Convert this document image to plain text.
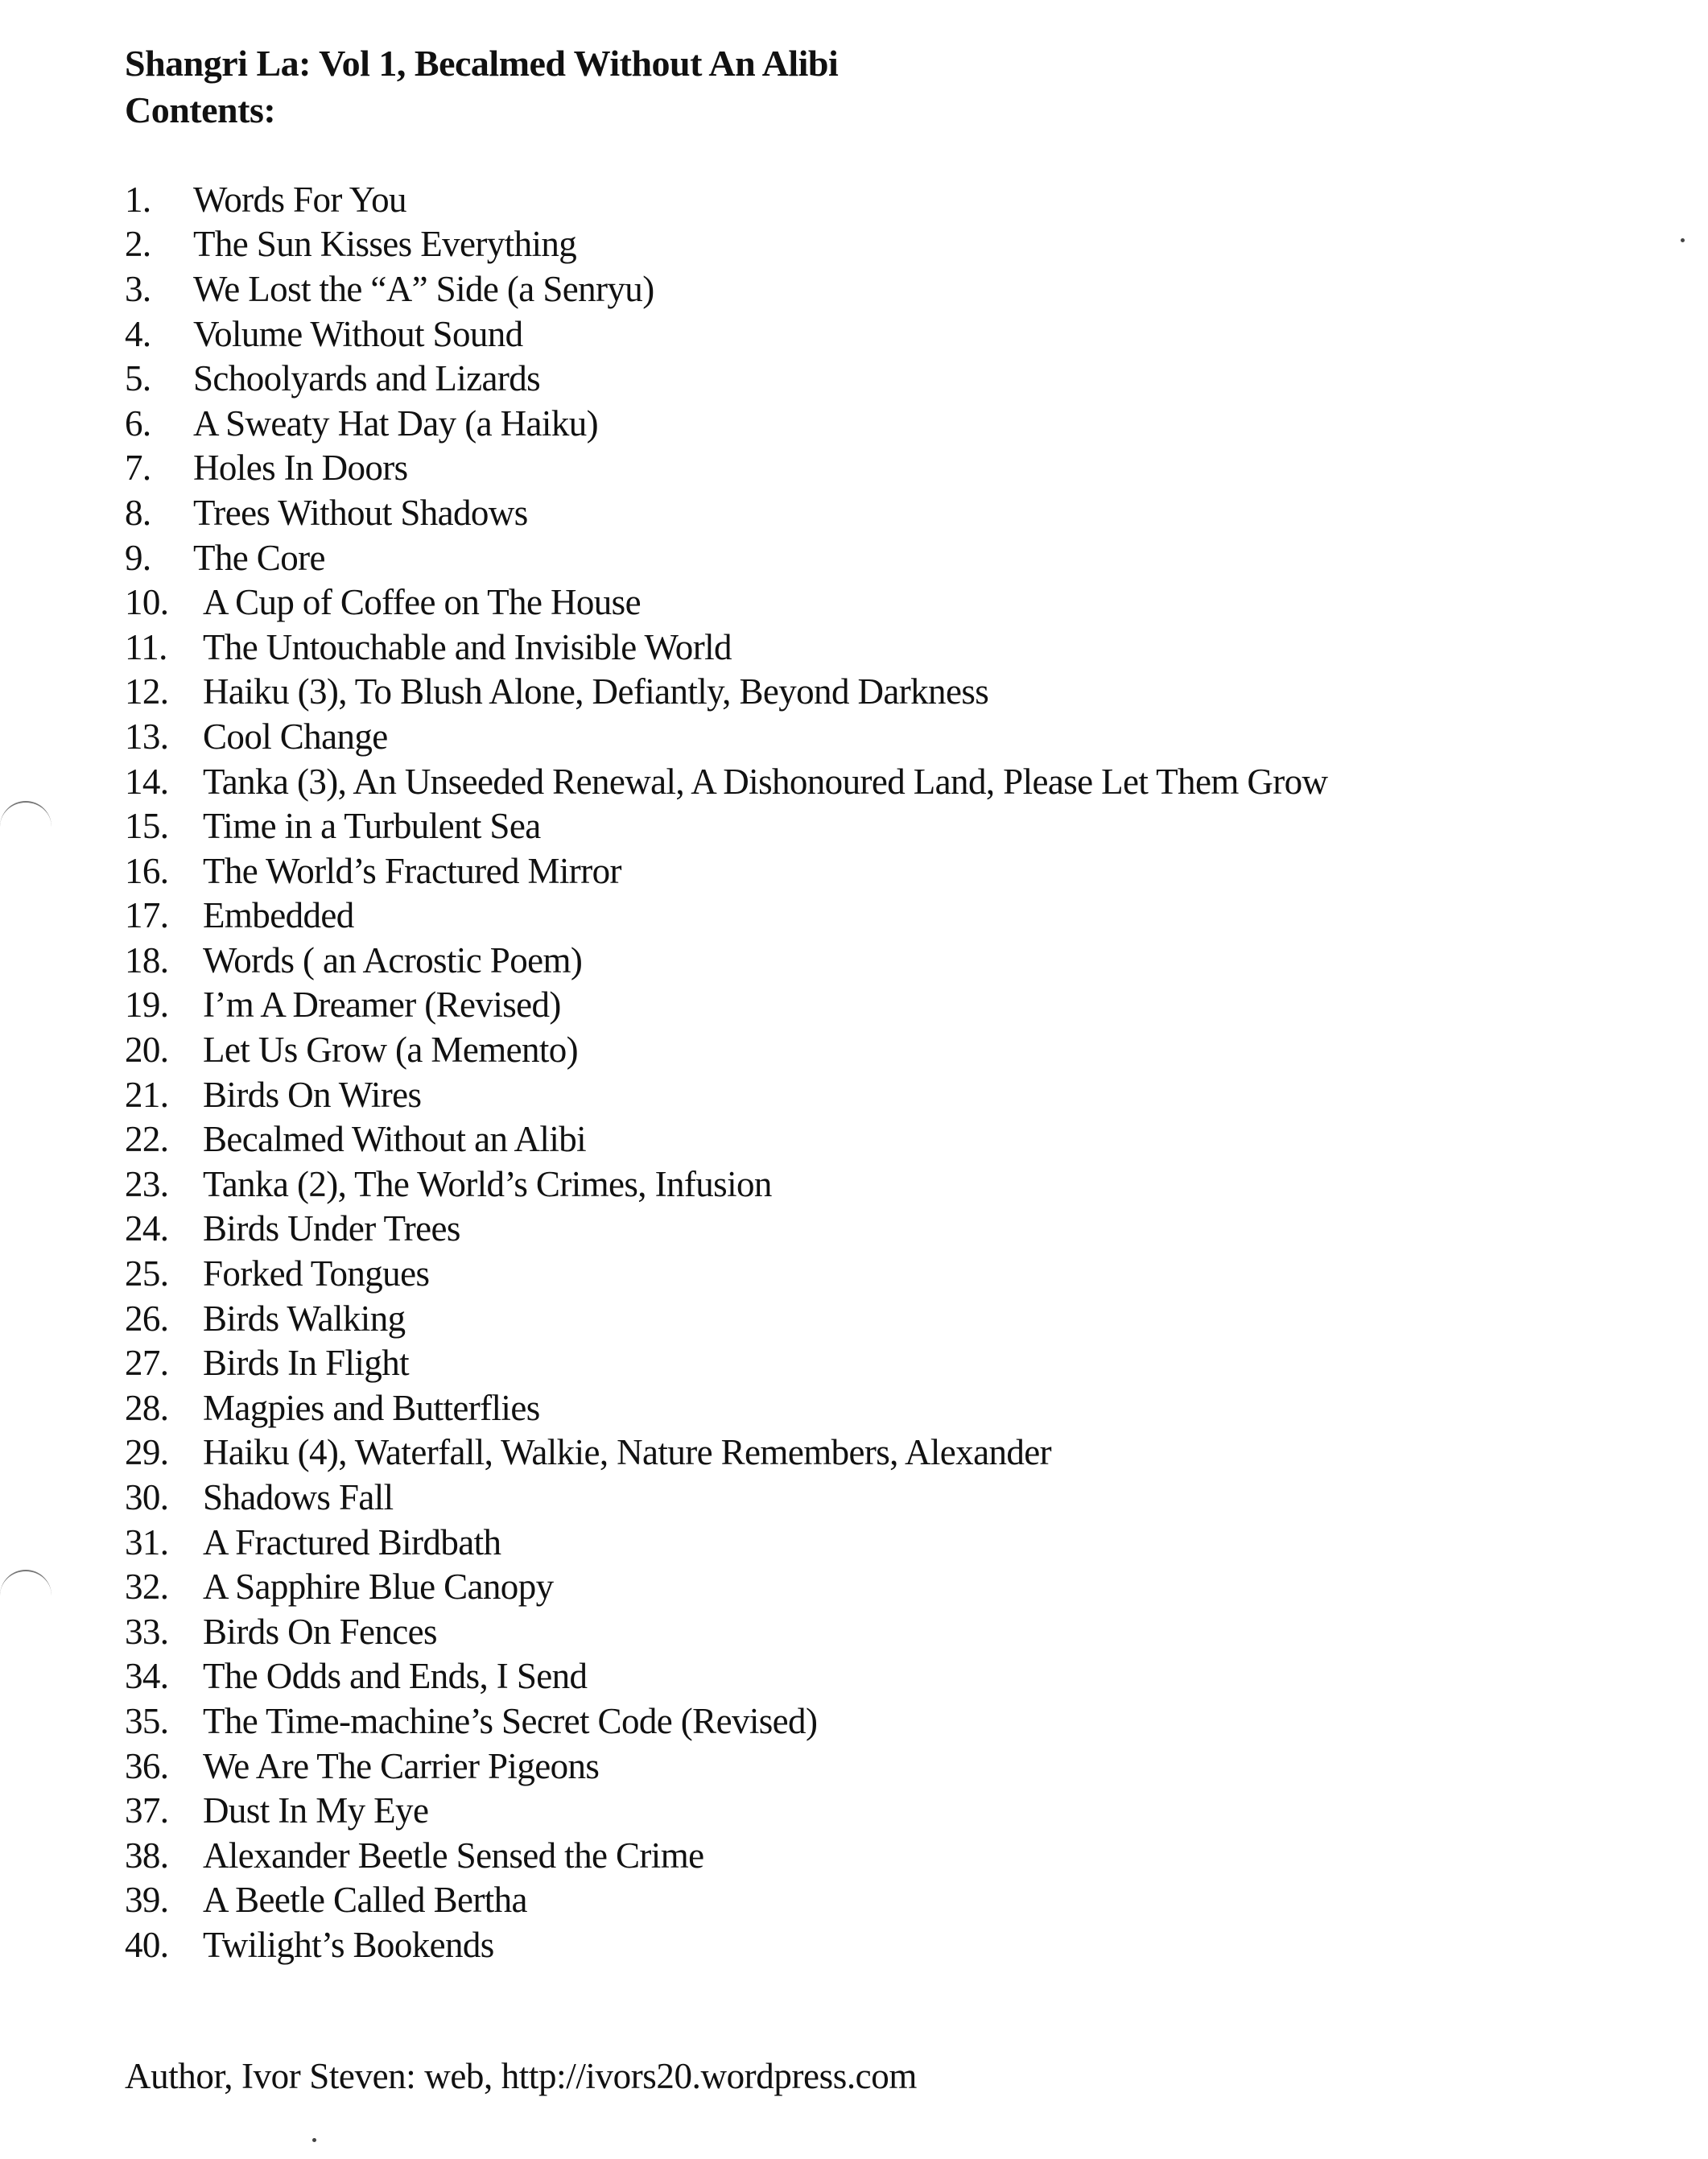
Shangri La: Vol 1, Becalmed Without An Alibi
Contents:
1.	Words For You
2.	The Sun Kisses Everything
3.	We Lost the “A” Side (a Senryu)
4.	Volume Without Sound
5.	Schoolyards and Lizards
6.	A Sweaty Hat Day (a Haiku)
7.	Holes In Doors
8.	Trees Without Shadows
9.	The Core
10. A Cup of Coffee on The House
11. The Untouchable and Invisible World
12. Haiku (3), To Blush Alone, Defiantly, Beyond Darkness
13. Cool Change
14. Tanka (3), An Unseeded Renewal, A Dishonoured Land, Please Let Them Grow
15. Time in a Turbulent Sea
16. The World’s Fractured Mirror
17. Embedded
18. Words ( an Acrostic Poem)
19. I’m A Dreamer (Revised)
20. Let Us Grow (a Memento)
21. Birds On Wires
22. Becalmed Without an Alibi
23. Tanka (2), The World’s Crimes, Infusion
24. Birds Under Trees
25. Forked Tongues
26. Birds Walking
27. Birds In Flight
28. Magpies and Butterflies
29. Haiku (4), Waterfall, Walkie, Nature Remembers, Alexander
30. Shadows Fall
31. A Fractured Birdbath
32. A Sapphire Blue Canopy
33. Birds On Fences
34. The Odds and Ends, I Send
35. The Time-machine’s Secret Code (Revised)
36. We Are The Carrier Pigeons
37. Dust In My Eye
38. Alexander Beetle Sensed the Crime
39. A Beetle Called Bertha
40. Twilight’s Bookends
Author, Ivor Steven: web, http://ivors20.wordpress.com
